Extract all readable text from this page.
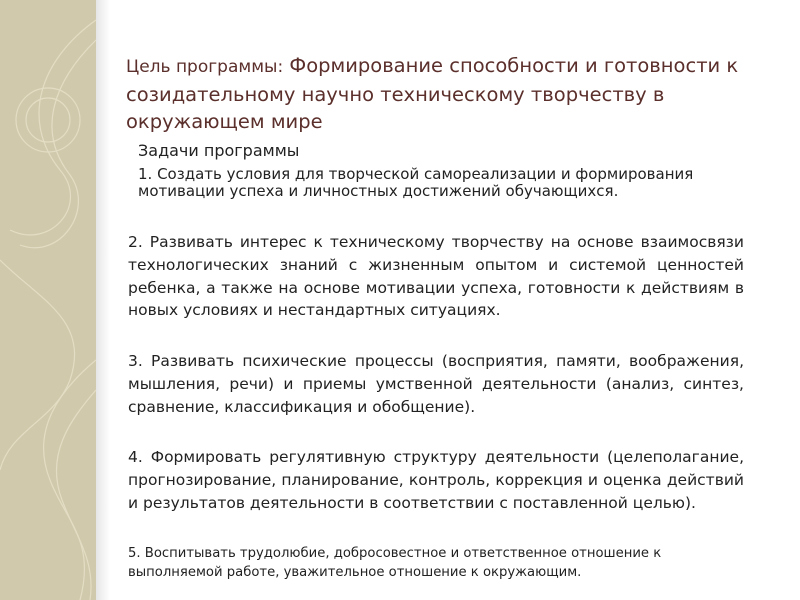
Цель программы: Формирование способности и готовности к созидательному научно техническому творчеству в окружающем мире

Задачи программы

1. Создать условия для творческой самореализации и формирования мотивации успеха и личностных достижений обучающихся.

2. Развивать интерес к техническому творчеству на основе взаимосвязи технологических знаний с жизненным опытом и системой ценностей ребенка, а также на основе мотивации успеха, готовности к действиям в новых условиях и нестандартных ситуациях.

3. Развивать психические процессы (восприятия, памяти, воображения, мышления, речи) и приемы умственной деятельности (анализ, синтез, сравнение, классификация и обобщение).

4. Формировать регулятивную структуру деятельности (целеполагание, прогнозирование, планирование, контроль, коррекция и оценка действий и результатов деятельности в соответствии с поставленной целью).

5. Воспитывать трудолюбие, добросовестное и ответственное отношение к выполняемой работе, уважительное отношение к окружающим.
